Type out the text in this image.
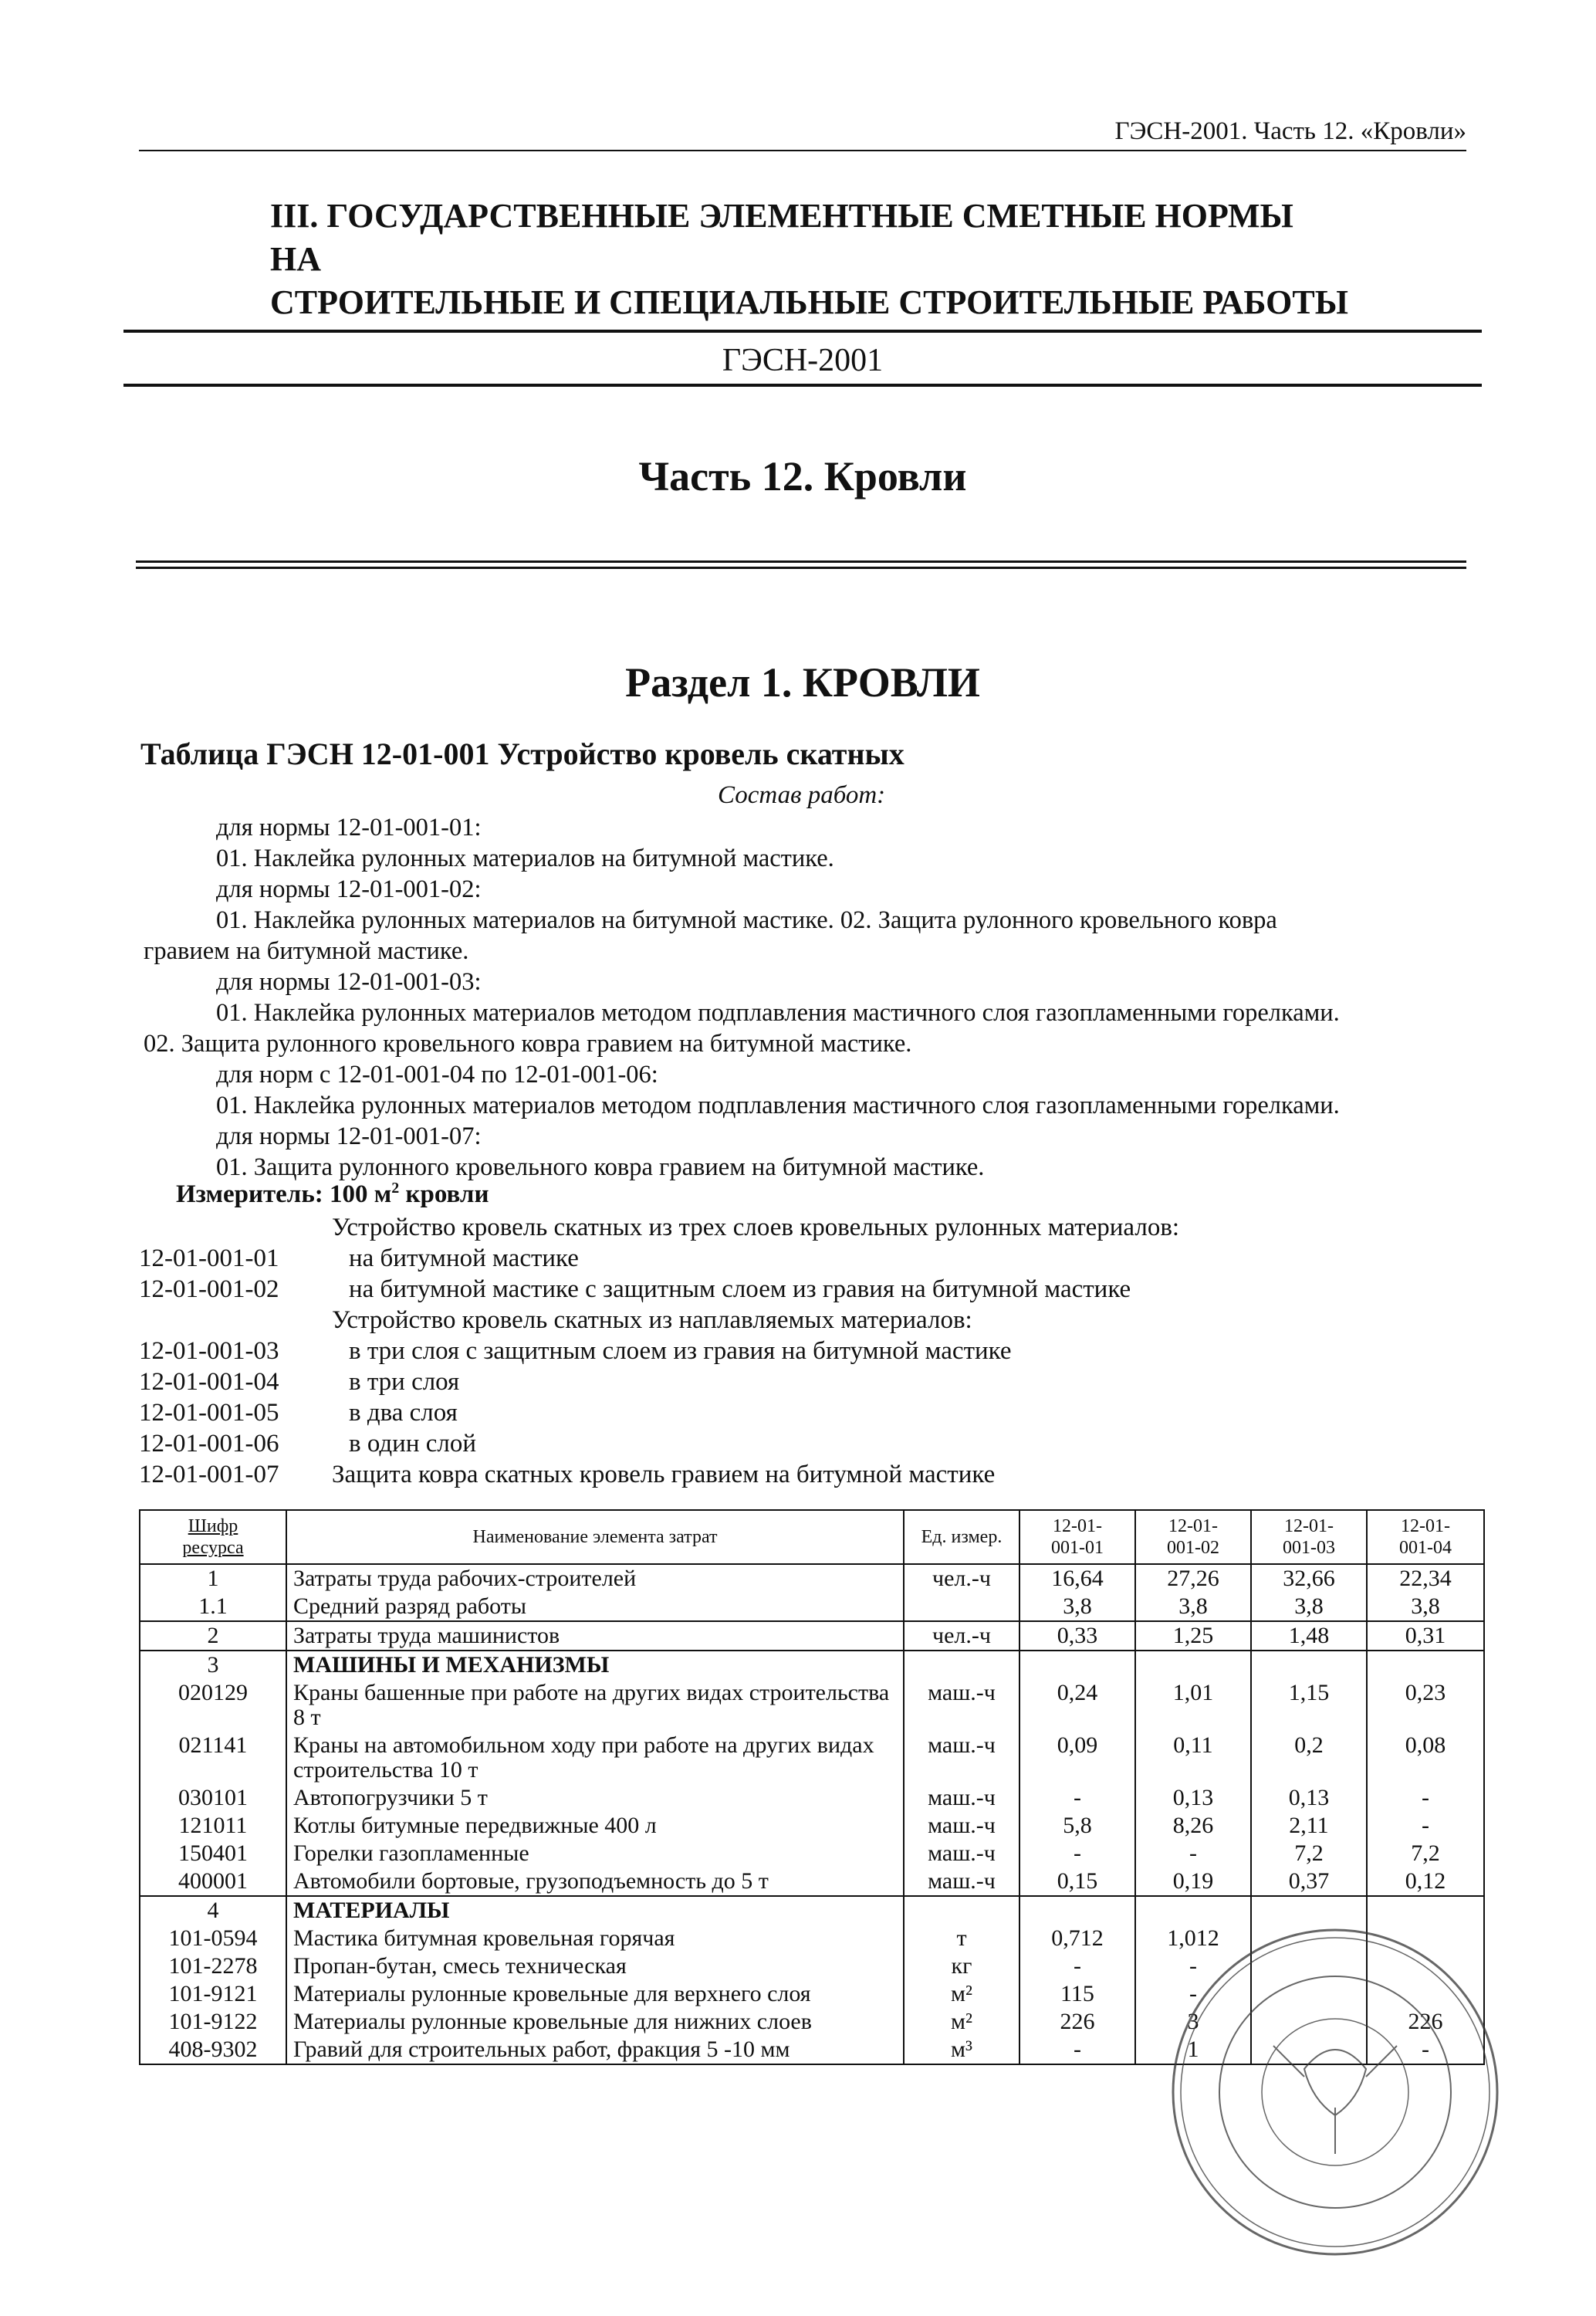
ГЭСН-2001. Часть 12. «Кровли»
III. ГОСУДАРСТВЕННЫЕ ЭЛЕМЕНТНЫЕ СМЕТНЫЕ НОРМЫ НА
СТРОИТЕЛЬНЫЕ И СПЕЦИАЛЬНЫЕ СТРОИТЕЛЬНЫЕ РАБОТЫ
ГЭСН-2001
Часть 12. Кровли
Раздел 1. КРОВЛИ
Таблица ГЭСН 12-01-001 Устройство кровель скатных
Состав работ:

для нормы 12-01-001-01:

01. Наклейка рулонных материалов на битумной мастике.

для нормы 12-01-001-02:

01. Наклейка рулонных материалов на битумной мастике. 02. Защита рулонного кровельного ковра

гравием на битумной мастике.

для нормы 12-01-001-03:

01. Наклейка рулонных материалов методом подплавления мастичного слоя газопламенными горелками.

02. Защита рулонного кровельного ковра гравием на битумной мастике.

для норм с 12-01-001-04 по 12-01-001-06:

01. Наклейка рулонных материалов методом подплавления мастичного слоя газопламенными горелками.

для нормы 12-01-001-07:

01. Защита рулонного кровельного ковра гравием на битумной мастике.

Измеритель: 100 $м^2$ кровли
Устройство кровель скатных из трех слоев кровельных рулонных материалов:
12-01-001-01	на битумной мастике
12-01-001-02	на битумной мастике с защитным слоем из гравия на битумной мастике
Устройство кровель скатных из наплавляемых материалов:
12-01-001-03	в три слоя с защитным слоем из гравия на битумной мастике
12-01-001-04	в три слоя
12-01-001-05	в два слоя
12-01-001-06	в один слой
12-01-001-07	Защита ковра скатных кровель гравием на битумной мастике
Шифр
ресурса	Наименование элемента затрат	Ед. измер.	12-01-
001-01	12-01-
001-02	12-01-
001-03	12-01-
001-04
1	Затраты труда рабочих-строителей	чел.-ч	16,64	27,26	32,66	22,34
1.1	Средний разряд работы		3,8	3,8	3,8	3,8
2	Затраты труда машинистов	чел.-ч	0,33	1,25	1,48	0,31
3	МАШИНЫ И МЕХАНИЗМЫ					
020129	Краны башенные при работе на других видах строительства 8 т	маш.-ч	0,24	1,01	1,15	0,23
021141	Краны на автомобильном ходу при работе на других видах строительства 10 т	маш.-ч	0,09	0,11	0,2	0,08
030101	Автопогрузчики 5 т	маш.-ч	-	0,13	0,13	-
121011	Котлы битумные передвижные 400 л	маш.-ч	5,8	8,26	2,11	-
150401	Горелки газопламенные	маш.-ч	-	-	7,2	7,2
400001	Автомобили бортовые, грузоподъемность до 5 т	маш.-ч	0,15	0,19	0,37	0,12
4	МАТЕРИАЛЫ					
101-0594	Мастика битумная кровельная горячая	т	0,712	1,012		
101-2278	Пропан-бутан, смесь техническая	кг	-	-		
101-9121	Материалы рулонные кровельные для верхнего слоя	м²	115	-		
101-9122	Материалы рулонные кровельные для нижних слоев	м²	226	3		226
408-9302	Гравий для строительных работ, фракция 5 -10 мм	м³	-	1		-
